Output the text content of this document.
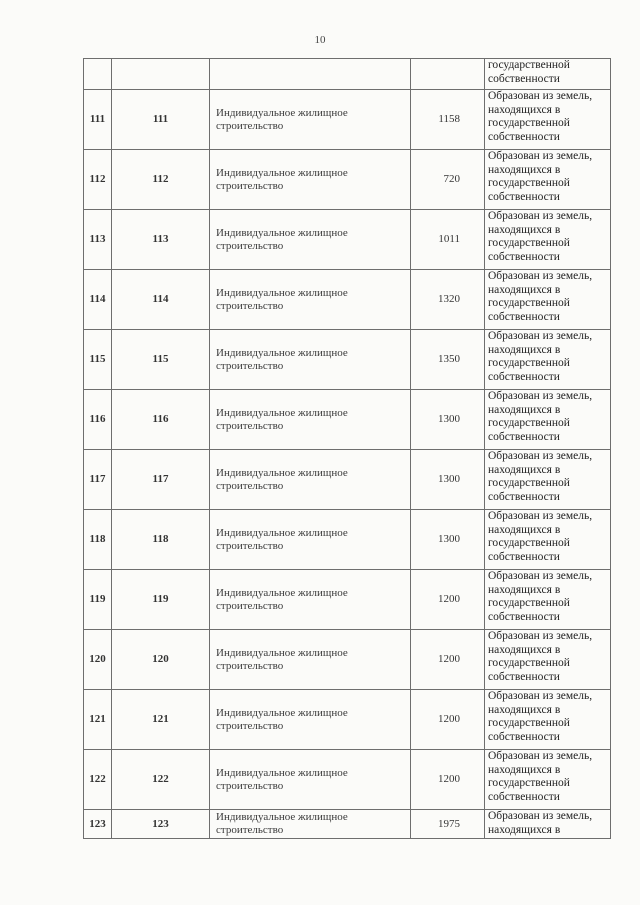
10

				государственной
собственности

111	111	Индивидуальное жилищное
строительство	1158	Образован из земель,
находящихся в
государственной
собственности

112	112	Индивидуальное жилищное
строительство	720	Образован из земель,
находящихся в
государственной
собственности

113	113	Индивидуальное жилищное
строительство	1011	Образован из земель,
находящихся в
государственной
собственности

114	114	Индивидуальное жилищное
строительство	1320	Образован из земель,
находящихся в
государственной
собственности

115	115	Индивидуальное жилищное
строительство	1350	Образован из земель,
находящихся в
государственной
собственности

116	116	Индивидуальное жилищное
строительство	1300	Образован из земель,
находящихся в
государственной
собственности

117	117	Индивидуальное жилищное
строительство	1300	Образован из земель,
находящихся в
государственной
собственности

118	118	Индивидуальное жилищное
строительство	1300	Образован из земель,
находящихся в
государственной
собственности

119	119	Индивидуальное жилищное
строительство	1200	Образован из земель,
находящихся в
государственной
собственности

120	120	Индивидуальное жилищное
строительство	1200	Образован из земель,
находящихся в
государственной
собственности

121	121	Индивидуальное жилищное
строительство	1200	Образован из земель,
находящихся в
государственной
собственности

122	122	Индивидуальное жилищное
строительство	1200	Образован из земель,
находящихся в
государственной
собственности

123	123	Индивидуальное жилищное
строительство	1975	Образован из земель,
находящихся в
